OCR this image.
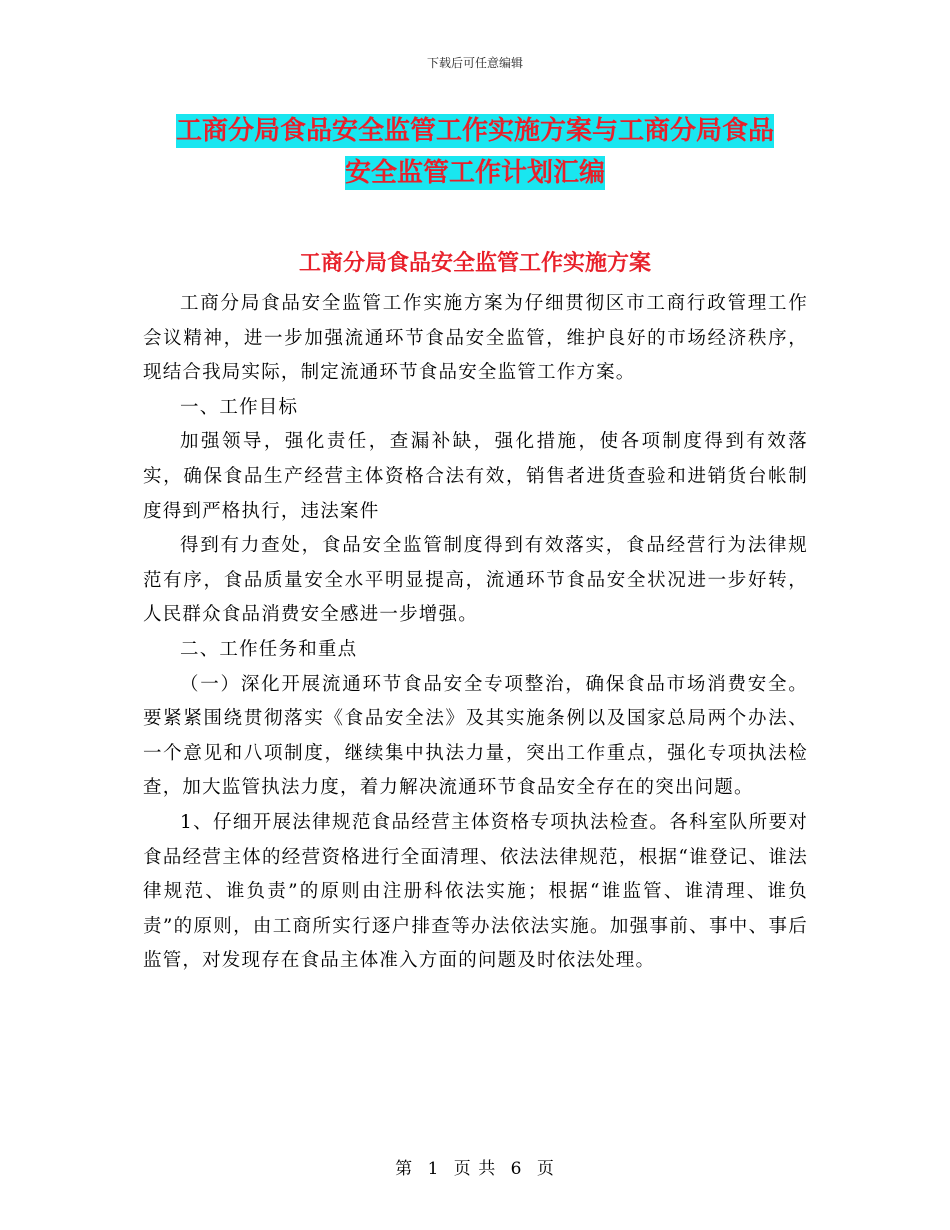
下载后可任意编辑
工商分局食品安全监管工作实施方案与工商分局食品
安全监管工作计划汇编
工商分局食品安全监管工作实施方案

工商分局食品安全监管工作实施方案为仔细贯彻区市工商行政管理工作会议精神，进一步加强流通环节食品安全监管，维护良好的市场经济秩序，现结合我局实际，制定流通环节食品安全监管工作方案。

一、工作目标

加强领导，强化责任，查漏补缺，强化措施，使各项制度得到有效落实，确保食品生产经营主体资格合法有效，销售者进货查验和进销货台帐制度得到严格执行，违法案件

得到有力查处，食品安全监管制度得到有效落实，食品经营行为法律规范有序，食品质量安全水平明显提高，流通环节食品安全状况进一步好转，人民群众食品消费安全感进一步增强。

二、工作任务和重点

（一）深化开展流通环节食品安全专项整治，确保食品市场消费安全。要紧紧围绕贯彻落实《食品安全法》及其实施条例以及国家总局两个办法、一个意见和八项制度，继续集中执法力量，突出工作重点，强化专项执法检查，加大监管执法力度，着力解决流通环节食品安全存在的突出问题。

1、仔细开展法律规范食品经营主体资格专项执法检查。各科室队所要对食品经营主体的经营资格进行全面清理、依法法律规范，根据“谁登记、谁法律规范、谁负责”的原则由注册科依法实施；根据“谁监管、谁清理、谁负责”的原则，由工商所实行逐户排查等办法依法实施。加强事前、事中、事后监管，对发现存在食品主体准入方面的问题及时依法处理。

第 1 页 共 6 页
